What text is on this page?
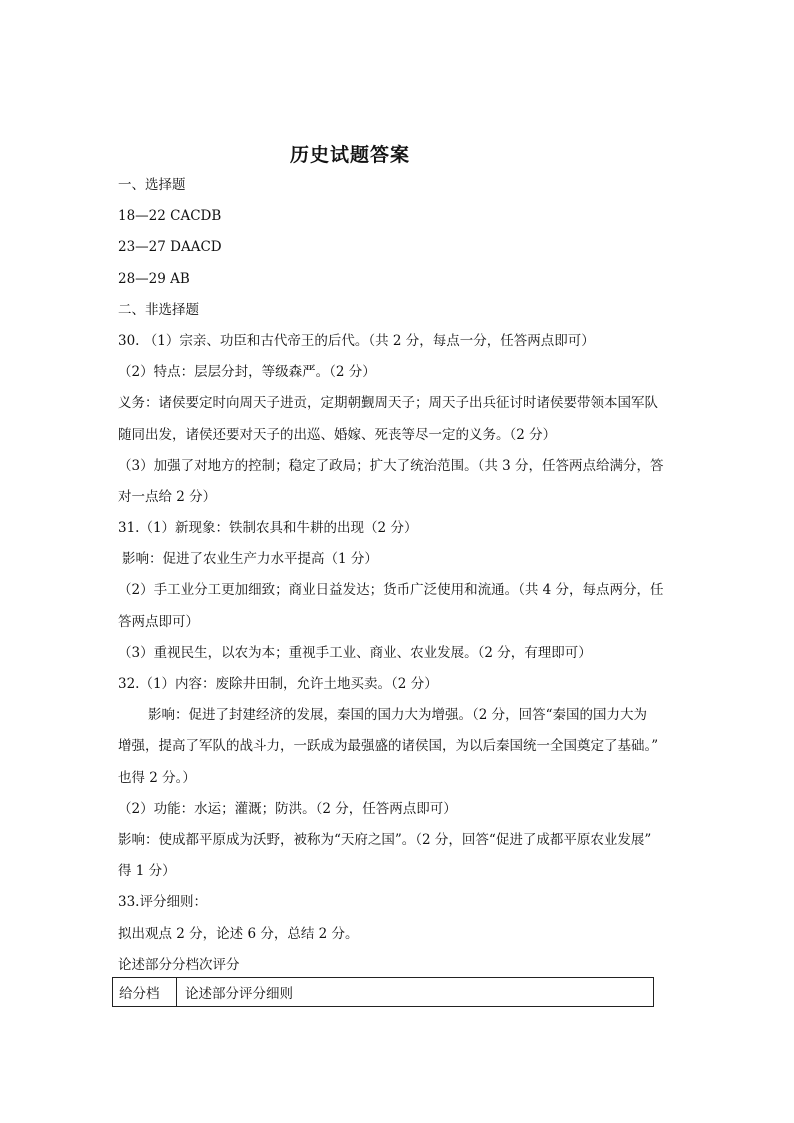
历史试题答案
一、选择题
18—22 CACDB
23—27 DAACD
28—29 AB
二、非选择题
30. （1）宗亲、功臣和古代帝王的后代。（共 2 分，每点一分，任答两点即可）
（2）特点：层层分封，等级森严。（2 分）
义务：诸侯要定时向周天子进贡，定期朝觐周天子；周天子出兵征讨时诸侯要带领本国军队
随同出发，诸侯还要对天子的出巡、婚嫁、死丧等尽一定的义务。（2 分）
（3）加强了对地方的控制；稳定了政局；扩大了统治范围。（共 3 分，任答两点给满分，答
对一点给 2 分）
31.（1）新现象：铁制农具和牛耕的出现（2 分）
影响：促进了农业生产力水平提高（1 分）
（2）手工业分工更加细致；商业日益发达；货币广泛使用和流通。（共 4 分，每点两分，任
答两点即可）
（3）重视民生，以农为本；重视手工业、商业、农业发展。（2 分，有理即可）
32.（1）内容：废除井田制，允许土地买卖。（2 分）
影响：促进了封建经济的发展，秦国的国力大为增强。（2 分，回答“秦国的国力大为
增强，提高了军队的战斗力，一跃成为最强盛的诸侯国，为以后秦国统一全国奠定了基础。”
也得 2 分。）
（2）功能：水运；灌溉；防洪。（2 分，任答两点即可）
影响：使成都平原成为沃野，被称为“天府之国”。（2 分，回答“促进了成都平原农业发展”
得 1 分）
33.评分细则：
拟出观点 2 分，论述 6 分，总结 2 分。
论述部分分档次评分
给分档	论述部分评分细则
